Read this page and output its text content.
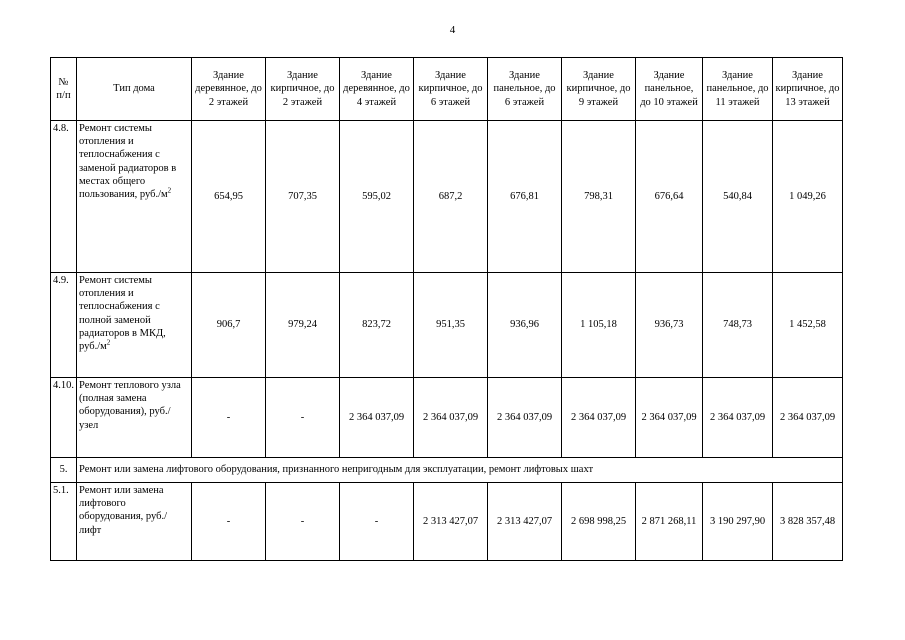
4
№ п/п	Тип дома	Здание деревянное, до 2 этажей	Здание кирпичное, до 2 этажей	Здание деревянное, до 4 этажей	Здание кирпичное, до 6 этажей	Здание панельное, до 6 этажей	Здание кирпичное, до 9 этажей	Здание панельное, до 10 этажей	Здание панельное, до 11 этажей	Здание кирпичное, до 13 этажей
4.8.	Ремонт системы отопления и теплоснабжения с заменой радиаторов в местах общего пользования, $руб./м^2$	654,95	707,35	595,02	687,2	676,81	798,31	676,64	540,84	1 049,26
4.9.	Ремонт системы отопления и теплоснабжения с полной заменой радиаторов в МКД, $руб./м^2$	906,7	979,24	823,72	951,35	936,96	1 105,18	936,73	748,73	1 452,58
4.10.	Ремонт теплового узла (полная замена оборудования), руб./узел	-	-	2 364 037,09	2 364 037,09	2 364 037,09	2 364 037,09	2 364 037,09	2 364 037,09	2 364 037,09
5.	Ремонт или замена лифтового оборудования, признанного непригодным для эксплуатации, ремонт лифтовых шахт									
5.1.	Ремонт или замена лифтового оборудования, руб./лифт	-	-	-	2 313 427,07	2 313 427,07	2 698 998,25	2 871 268,11	3 190 297,90	3 828 357,48
